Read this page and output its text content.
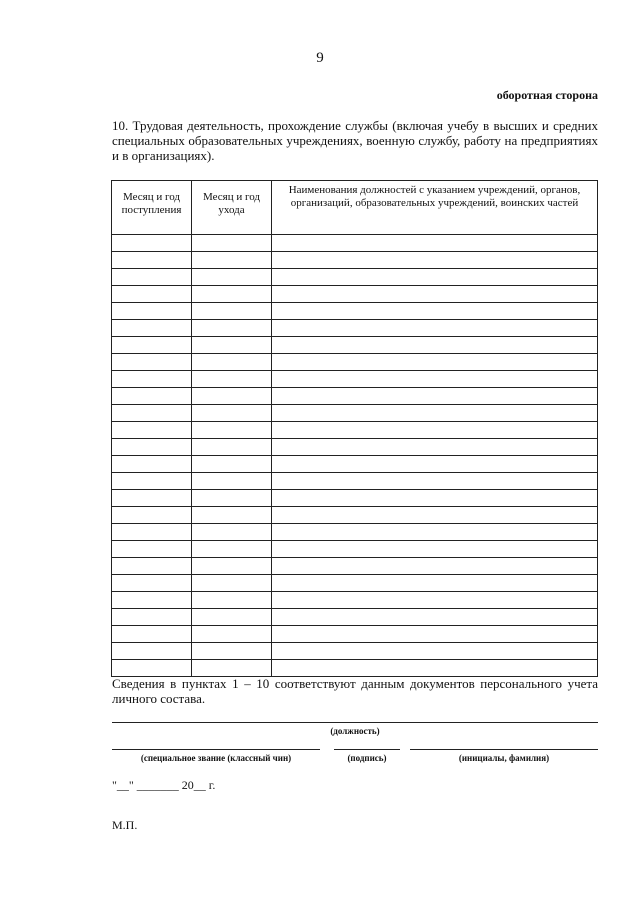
9
оборотная сторона
10. Трудовая деятельность, прохождение службы (включая учебу в высших и средних специальных образовательных учреждениях, военную службу, работу на предприятиях и в организациях).
Месяц и год поступления	Месяц и год ухода	Наименования должностей с указанием учреждений, органов, организаций, образовательных учреждений, воинских частей

Сведения в пунктах 1 – 10 соответствуют данным документов персонального учета личного состава.
(должность)
(специальное звание (классный чин)	(подпись)	(инициалы, фамилия)
"__" _______ 20__ г.
М.П.
